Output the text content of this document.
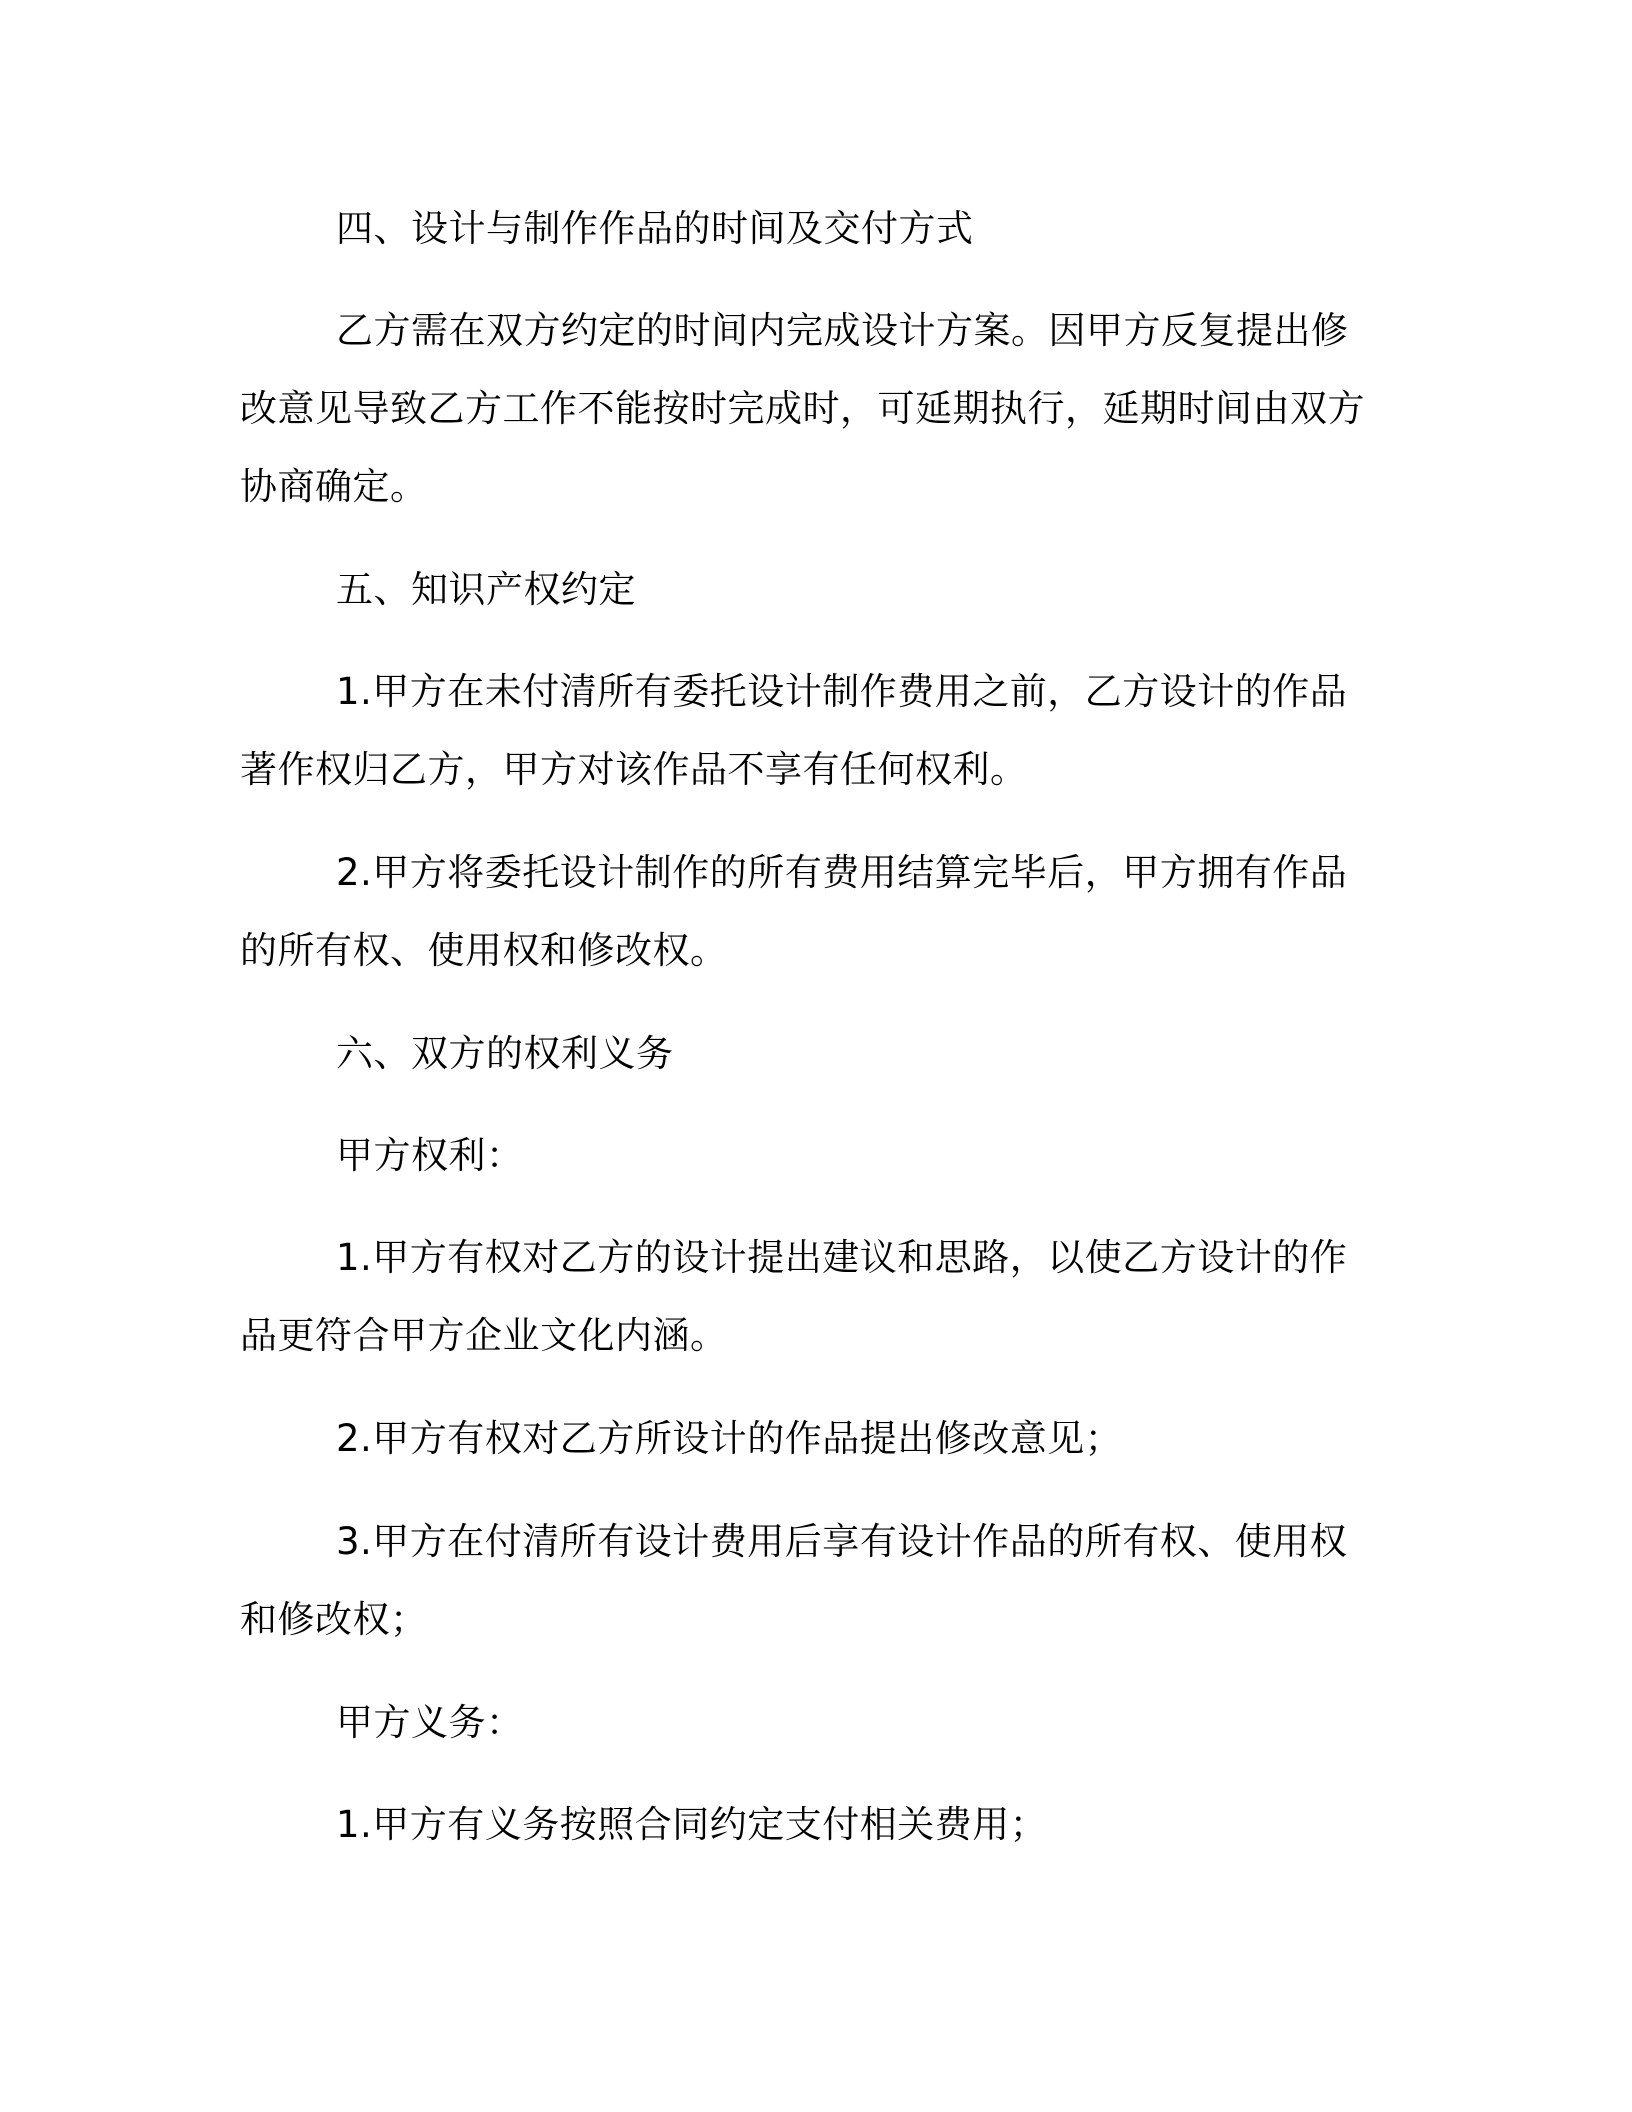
四、设计与制作作品的时间及交付方式

乙方需在双方约定的时间内完成设计方案。因甲方反复提出修改意见导致乙方工作不能按时完成时，可延期执行，延期时间由双方协商确定。

五、知识产权约定

1.甲方在未付清所有委托设计制作费用之前，乙方设计的作品著作权归乙方，甲方对该作品不享有任何权利。

2.甲方将委托设计制作的所有费用结算完毕后，甲方拥有作品的所有权、使用权和修改权。

六、双方的权利义务

甲方权利：

1.甲方有权对乙方的设计提出建议和思路，以使乙方设计的作品更符合甲方企业文化内涵。

2.甲方有权对乙方所设计的作品提出修改意见；

3.甲方在付清所有设计费用后享有设计作品的所有权、使用权和修改权；

甲方义务：

1.甲方有义务按照合同约定支付相关费用；
